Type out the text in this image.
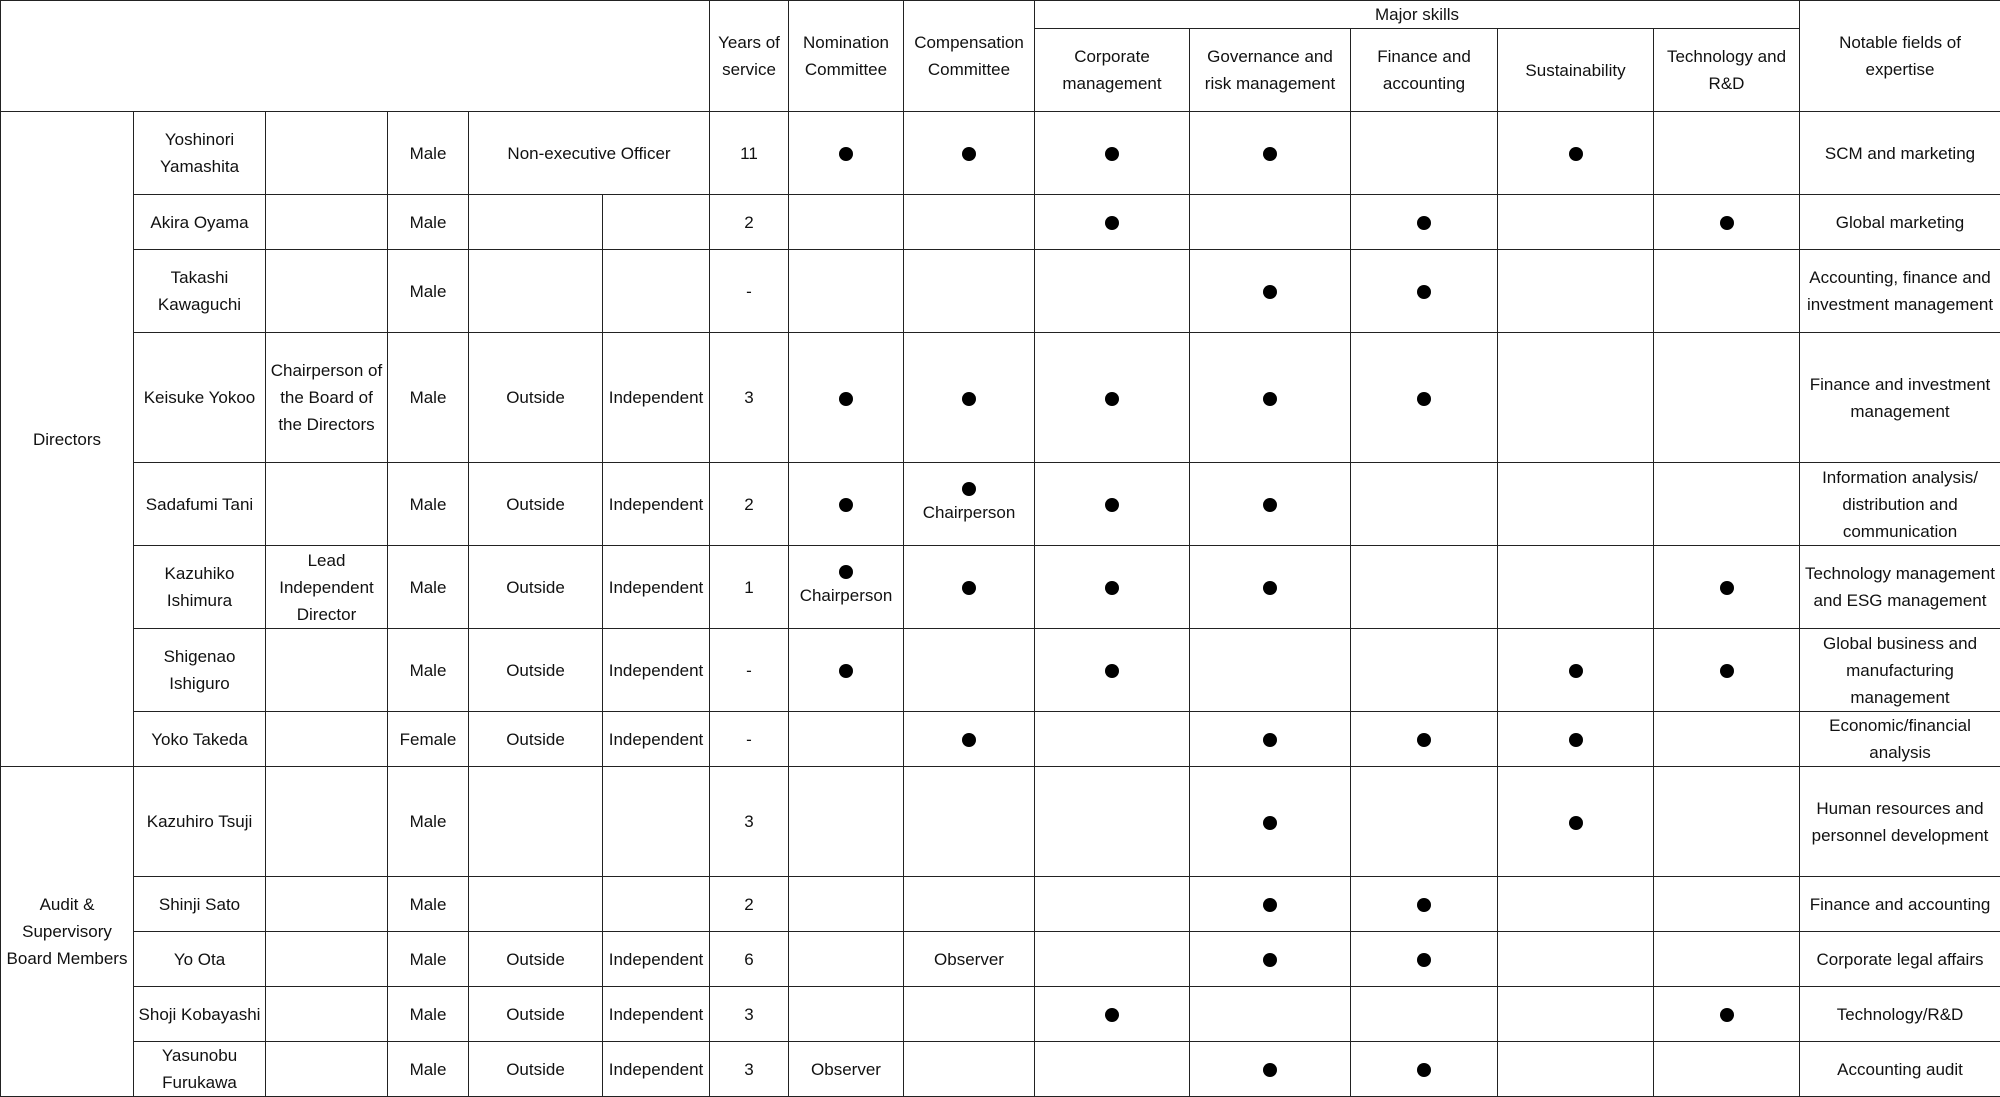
						Years of service	Nomination Committee	Compensation Committee	Major skills					Notable fields of expertise
									Corporate management	Governance and risk management	Finance and accounting	Sustainability	Technology and R&D	
Directors	Yoshinori Yamashita		Male	Non-executive Officer		11								SCM and marketing
	Akira Oyama		Male			2								Global marketing
	Takashi Kawaguchi		Male			-								Accounting, finance and investment management
	Keisuke Yokoo	Chairperson of the Board of the Directors	Male	Outside	Independent	3								Finance and investment management
	Sadafumi Tani		Male	Outside	Independent	2		Chairperson						Information analysis/ distribution and communication
	Kazuhiko Ishimura	Lead Independent Director	Male	Outside	Independent	1	Chairperson							Technology management and ESG management
	Shigenao Ishiguro		Male	Outside	Independent	-								Global business and manufacturing management
	Yoko Takeda		Female	Outside	Independent	-								Economic/financial analysis
Audit & Supervisory Board Members	Kazuhiro Tsuji		Male			3								Human resources and personnel development
	Shinji Sato		Male			2								Finance and accounting
	Yo Ota		Male	Outside	Independent	6		Observer						Corporate legal affairs
	Shoji Kobayashi		Male	Outside	Independent	3								Technology/R&D
	Yasunobu Furukawa		Male	Outside	Independent	3	Observer							Accounting audit
